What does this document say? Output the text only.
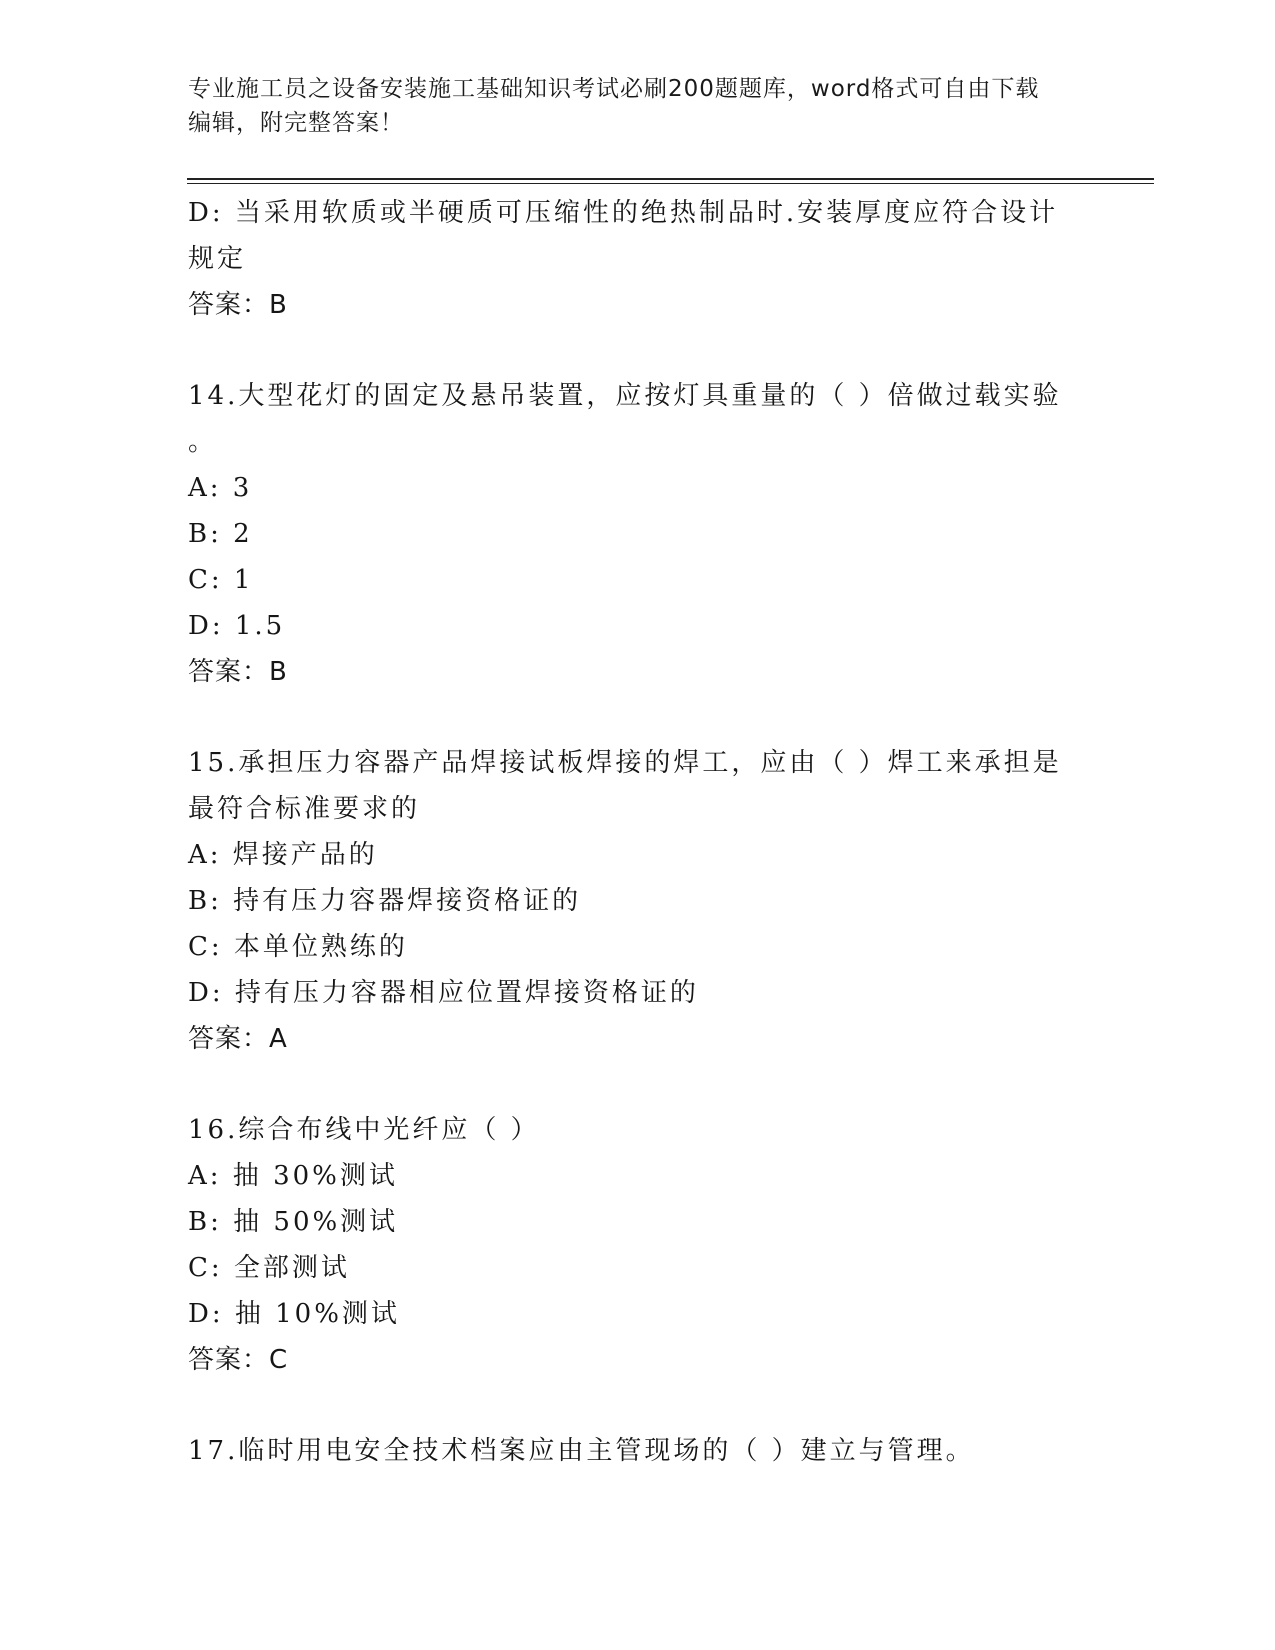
专业施工员之设备安装施工基础知识考试必刷200题题库，word格式可自由下载
编辑，附完整答案！

D: 当采用软质或半硬质可压缩性的绝热制品时.安装厚度应符合设计

规定

答案：B

14.大型花灯的固定及悬吊装置，应按灯具重量的（ ）倍做过载实验

。

A: 3

B: 2

C: 1

D: 1.5

答案：B

15.承担压力容器产品焊接试板焊接的焊工，应由（ ）焊工来承担是

最符合标准要求的

A: 焊接产品的

B: 持有压力容器焊接资格证的

C: 本单位熟练的

D: 持有压力容器相应位置焊接资格证的

答案：A

16.综合布线中光纤应（ ）

A: 抽 30%测试

B: 抽 50%测试

C: 全部测试

D: 抽 10%测试

答案：C

17.临时用电安全技术档案应由主管现场的（ ）建立与管理。
